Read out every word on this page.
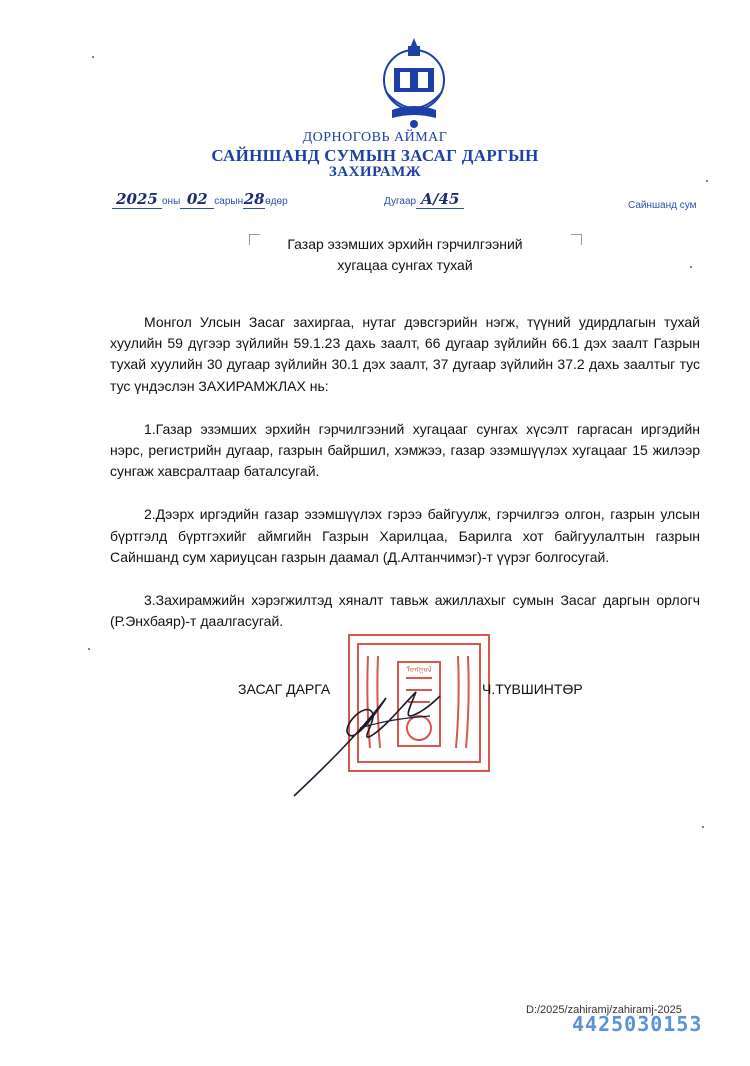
ДОРНОГОВЬ АЙМАГ
САЙНШАНД СУМЫН ЗАСАГ ДАРГЫН
ЗАХИРАМЖ
2025 оны 02 сарын28өдөр	Дугаар А/45	Сайншанд сум
Газар эзэмших эрхийн гэрчилгээний
хугацаа сунгах тухай

Монгол Улсын Засаг захиргаа, нутаг дэвсгэрийн нэгж, түүний удирдлагын тухай хуулийн 59 дүгээр зүйлийн 59.1.23 дахь заалт, 66 дугаар зүйлийн 66.1 дэх заалт Газрын тухай хуулийн 30 дугаар зүйлийн 30.1 дэх заалт, 37 дугаар зүйлийн 37.2 дахь заалтыг тус тус үндэслэн ЗАХИРАМЖЛАХ нь:

1.Газар эзэмших эрхийн гэрчилгээний хугацааг сунгах хүсэлт гаргасан иргэдийн нэрс, регистрийн дугаар, газрын байршил, хэмжээ, газар эзэмшүүлэх хугацааг 15 жилээр сунгаж хавсралтаар баталсугай.

2.Дээрх иргэдийн газар эзэмшүүлэх гэрээ байгуулж, гэрчилгээ олгон, газрын улсын бүртгэлд бүртгэхийг аймгийн Газрын Харилцаа, Барилга хот байгуулалтын газрын Сайншанд сум хариуцсан газрын даамал (Д.Алтанчимэг)-т үүрэг болгосугай.

3.Захирамжийн хэрэгжилтэд хяналт тавьж ажиллахыг сумын Засаг даргын орлогч (Р.Энхбаяр)-т даалгасугай.

ᠮᠣᠩᠭᠣᠯ
ЗАСАГ ДАРГА	Ч.ТҮВШИНТӨР
D:/2025/zahiramj/zahiramj-2025
4425030153
